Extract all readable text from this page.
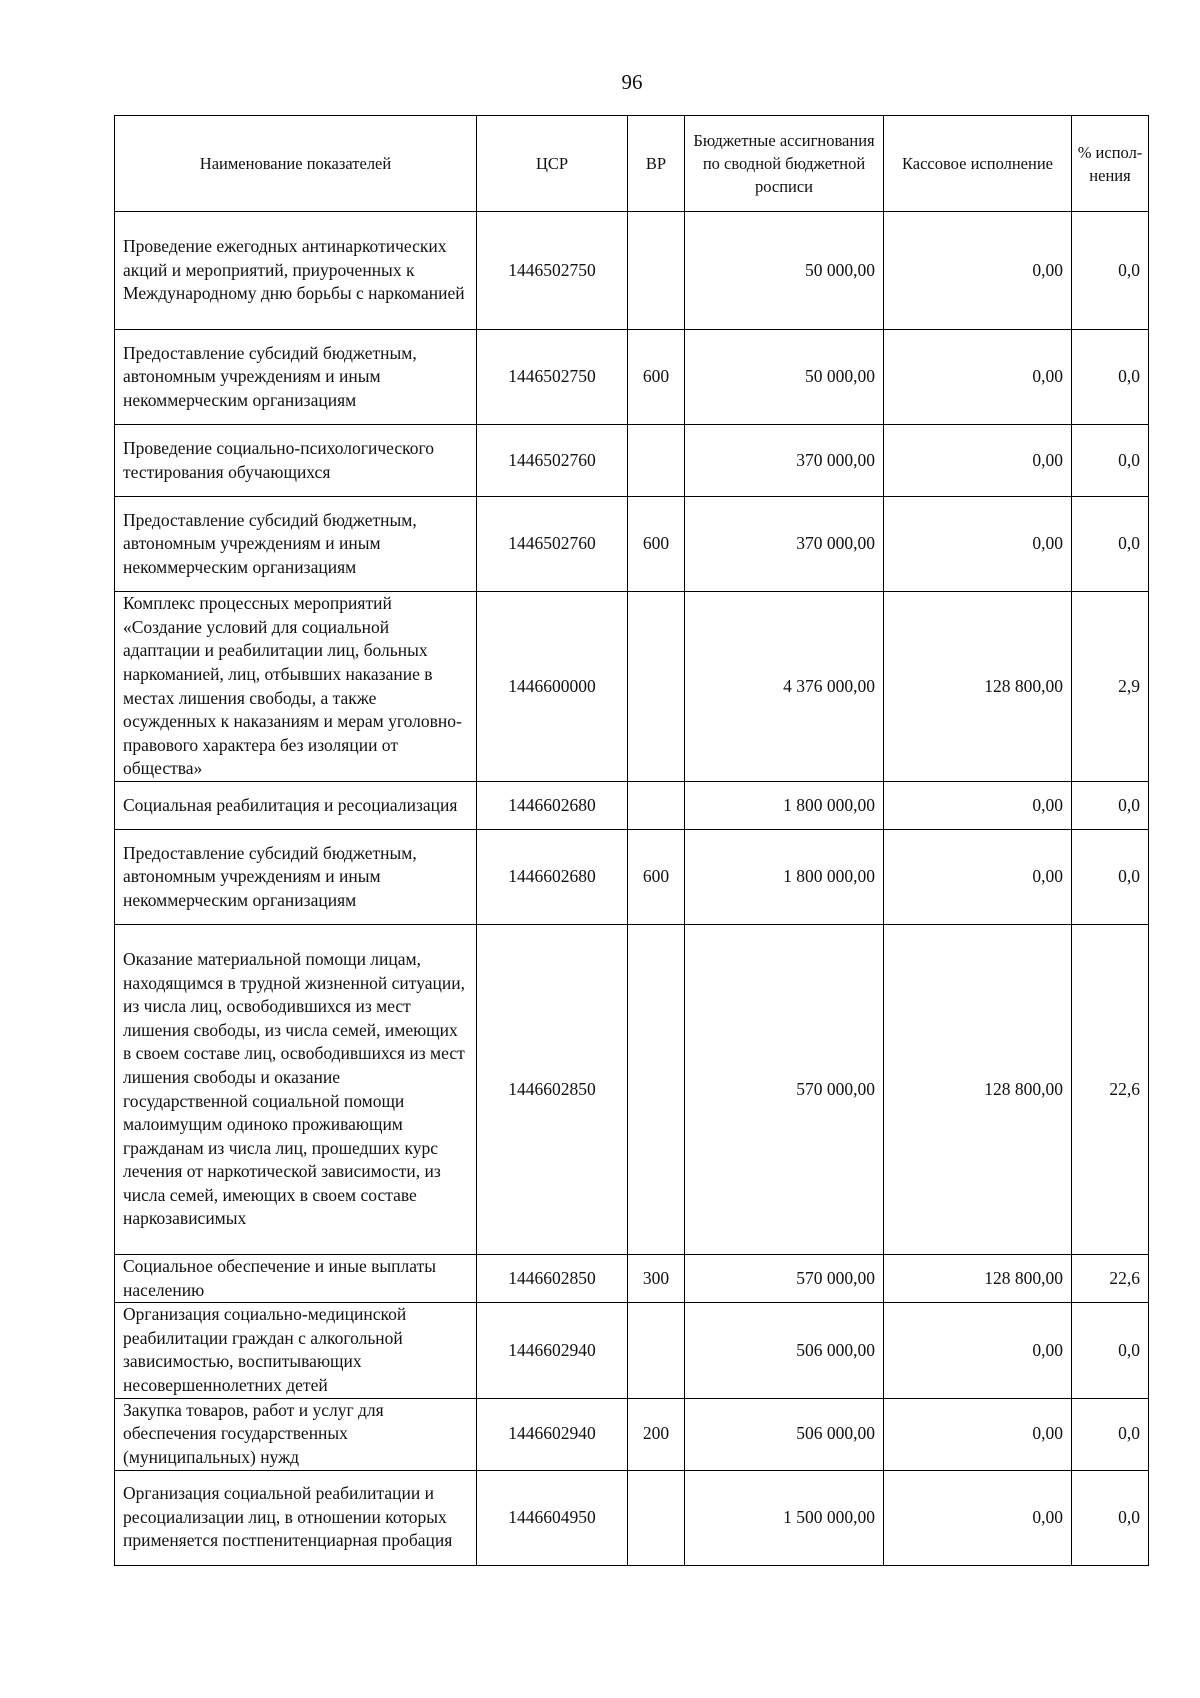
96
Наименование показателей	ЦСР	ВР	Бюджетные ассигнования по сводной бюджетной росписи	Кассовое исполнение	% испол-нения
Проведение ежегодных антинаркотических акций и мероприятий, приуроченных к Международному дню борьбы с наркоманией	1446502750		50 000,00	0,00	0,0
Предоставление субсидий бюджетным, автономным учреждениям и иным некоммерческим организациям	1446502750	600	50 000,00	0,00	0,0
Проведение социально-психологического тестирования обучающихся	1446502760		370 000,00	0,00	0,0
Предоставление субсидий бюджетным, автономным учреждениям и иным некоммерческим организациям	1446502760	600	370 000,00	0,00	0,0
Комплекс процессных мероприятий «Создание условий для социальной адаптации и реабилитации лиц, больных наркоманией, лиц, отбывших наказание в местах лишения свободы, а также осужденных к наказаниям и мерам уголовно-правового характера без изоляции от общества»	1446600000		4 376 000,00	128 800,00	2,9
Социальная реабилитация и ресоциализация	1446602680		1 800 000,00	0,00	0,0
Предоставление субсидий бюджетным, автономным учреждениям и иным некоммерческим организациям	1446602680	600	1 800 000,00	0,00	0,0
Оказание материальной помощи лицам, находящимся в трудной жизненной ситуации, из числа лиц, освободившихся из мест лишения свободы, из числа семей, имеющих в своем составе лиц, освободившихся из мест лишения свободы и оказание государственной социальной помощи малоимущим одиноко проживающим гражданам из числа лиц, прошедших курс лечения от наркотической зависимости, из числа семей, имеющих в своем составе наркозависимых	1446602850		570 000,00	128 800,00	22,6
Социальное обеспечение и иные выплаты населению	1446602850	300	570 000,00	128 800,00	22,6
Организация социально-медицинской реабилитации граждан с алкогольной зависимостью, воспитывающих несовершеннолетних детей	1446602940		506 000,00	0,00	0,0
Закупка товаров, работ и услуг для обеспечения государственных (муниципальных) нужд	1446602940	200	506 000,00	0,00	0,0
Организация социальной реабилитации и ресоциализации лиц, в отношении которых применяется постпенитенциарная пробация	1446604950		1 500 000,00	0,00	0,0
